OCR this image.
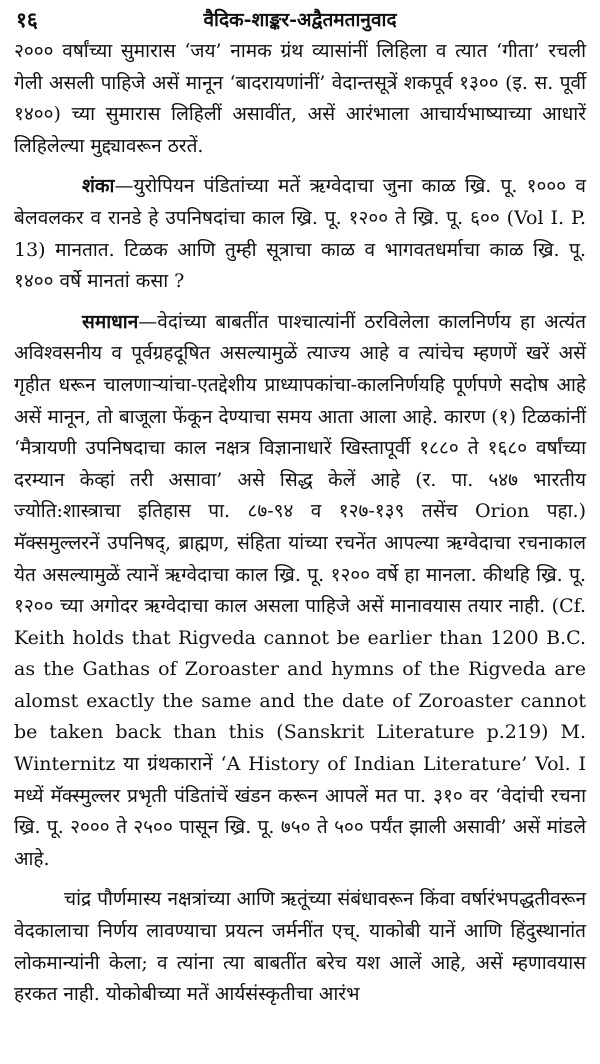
१६	वैदिक-शाङ्कर-अद्वैतमतानुवाद

२००० वर्षांच्या सुमारास ‘जय’ नामक ग्रंथ व्यासांनीं लिहिला व त्यात ‘गीता’ रचली गेली असली पाहिजे असें मानून ‘बादरायणांनीं’ वेदान्तसूत्रें शकपूर्व १३०० (इ. स. पूर्वी १४००) च्या सुमारास लिहिलीं असावींत, असें आरंभाला आचार्यभाष्याच्या आधारें लिहिलेल्या मुद्द्यावरून ठरतें.

शंका—युरोपियन पंडितांच्या मतें ऋग्वेदाचा जुना काळ ख्रि. पू. १००० व बेलवलकर व रानडे हे उपनिषदांचा काल ख्रि. पू. १२०० ते ख्रि. पू. ६०० (Vol I. P. 13) मानतात. टिळक आणि तुम्ही सूत्राचा काळ व भागवतधर्माचा काळ ख्रि. पू. १४०० वर्षे मानतां कसा ?

समाधान—वेदांच्या बाबतींत पाश्चात्यांनीं ठरविलेला कालनिर्णय हा अत्यंत अविश्वसनीय व पूर्वग्रहदूषित असल्यामुळें त्याज्य आहे व त्यांचेच म्हणणें खरें असें गृहीत धरून चालणाऱ्यांचा-एतद्देशीय प्राध्यापकांचा-कालनिर्णयहि पूर्णपणे सदोष आहे असें मानून, तो बाजूला फेंकून देण्याचा समय आता आला आहे. कारण (१) टिळकांनीं ‘मैत्रायणी उपनिषदाचा काल नक्षत्र विज्ञानाधारें खिस्तापूर्वी १८८० ते १६८० वर्षांच्या दरम्यान केव्हां तरी असावा’ असे सिद्ध केलें आहे (र. पा. ५४७ भारतीय ज्योति:शास्त्राचा इतिहास पा. ८७-९४ व १२७-१३९ तसेंच Orion पहा.) मॅक्समुल्लरनें उपनिषद्, ब्राह्मण, संहिता यांच्या रचनेंत आपल्या ऋग्वेदाचा रचनाकाल येत असल्यामुळें त्यानें ऋग्वेदाचा काल ख्रि. पू. १२०० वर्षे हा मानला. कीथहि ख्रि. पू. १२०० च्या अगोदर ऋग्वेदाचा काल असला पाहिजे असें मानावयास तयार नाही. (Cf. Keith holds that Rigveda cannot be earlier than 1200 B.C. as the Gathas of Zoroaster and hymns of the Rigveda are alomst exactly the same and the date of Zoroaster cannot be taken back than this (Sanskrit Literature p.219) M. Winternitz या ग्रंथकारानें ‘A History of Indian Literature’ Vol. I मध्यें मॅक्स्मुल्लर प्रभृती पंडितांचें खंडन करून आपलें मत पा. ३१० वर ‘वेदांची रचना ख्रि. पू. २००० ते २५०० पासून ख्रि. पू. ७५० ते ५०० पर्यंत झाली असावी’ असें मांडले आहे.

चांद्र पौर्णमास्य नक्षत्रांच्या आणि ऋतूंच्या संबंधावरून किंवा वर्षारंभपद्धतीवरून वेदकालाचा निर्णय लावण्याचा प्रयत्न जर्मनींत एच्. याकोबी यानें आणि हिंदुस्थानांत लोकमान्यांनी केला; व त्यांना त्या बाबतींत बरेच यश आलें आहे, असें म्हणावयास हरकत नाही. योकोबीच्या मतें आर्यसंस्कृतीचा आरंभ
